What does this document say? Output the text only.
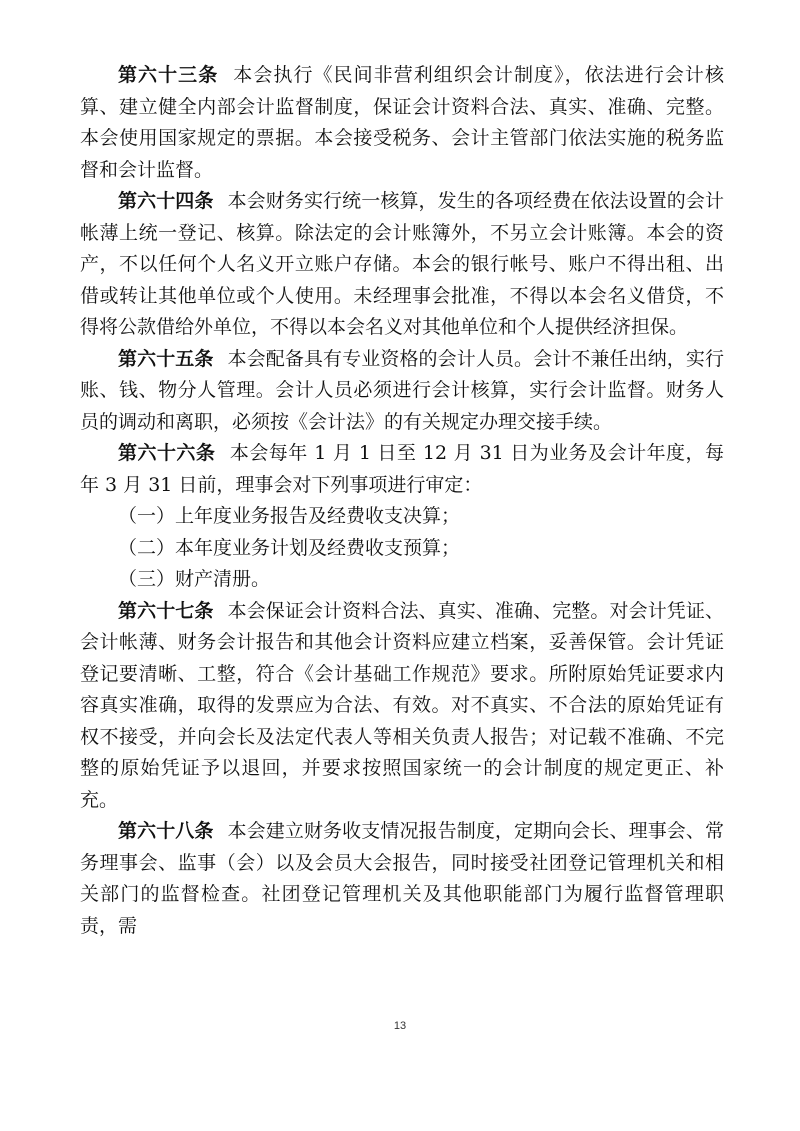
第六十三条 本会执行《民间非营利组织会计制度》，依法进行会计核算、建立健全内部会计监督制度，保证会计资料合法、真实、准确、完整。本会使用国家规定的票据。本会接受税务、会计主管部门依法实施的税务监督和会计监督。

第六十四条 本会财务实行统一核算，发生的各项经费在依法设置的会计帐薄上统一登记、核算。除法定的会计账簿外，不另立会计账簿。本会的资产，不以任何个人名义开立账户存储。本会的银行帐号、账户不得出租、出借或转让其他单位或个人使用。未经理事会批准，不得以本会名义借贷，不得将公款借给外单位，不得以本会名义对其他单位和个人提供经济担保。

第六十五条 本会配备具有专业资格的会计人员。会计不兼任出纳，实行账、钱、物分人管理。会计人员必须进行会计核算，实行会计监督。财务人员的调动和离职，必须按《会计法》的有关规定办理交接手续。

第六十六条 本会每年 1 月 1 日至 12 月 31 日为业务及会计年度，每年 3 月 31 日前，理事会对下列事项进行审定：

（一）上年度业务报告及经费收支决算；

（二）本年度业务计划及经费收支预算；

（三）财产清册。

第六十七条 本会保证会计资料合法、真实、准确、完整。对会计凭证、会计帐薄、财务会计报告和其他会计资料应建立档案，妥善保管。会计凭证登记要清晰、工整，符合《会计基础工作规范》要求。所附原始凭证要求内容真实准确，取得的发票应为合法、有效。对不真实、不合法的原始凭证有权不接受，并向会长及法定代表人等相关负责人报告；对记载不准确、不完整的原始凭证予以退回，并要求按照国家统一的会计制度的规定更正、补充。

第六十八条 本会建立财务收支情况报告制度，定期向会长、理事会、常务理事会、监事（会）以及会员大会报告，同时接受社团登记管理机关和相关部门的监督检查。社团登记管理机关及其他职能部门为履行监督管理职责，需

13
